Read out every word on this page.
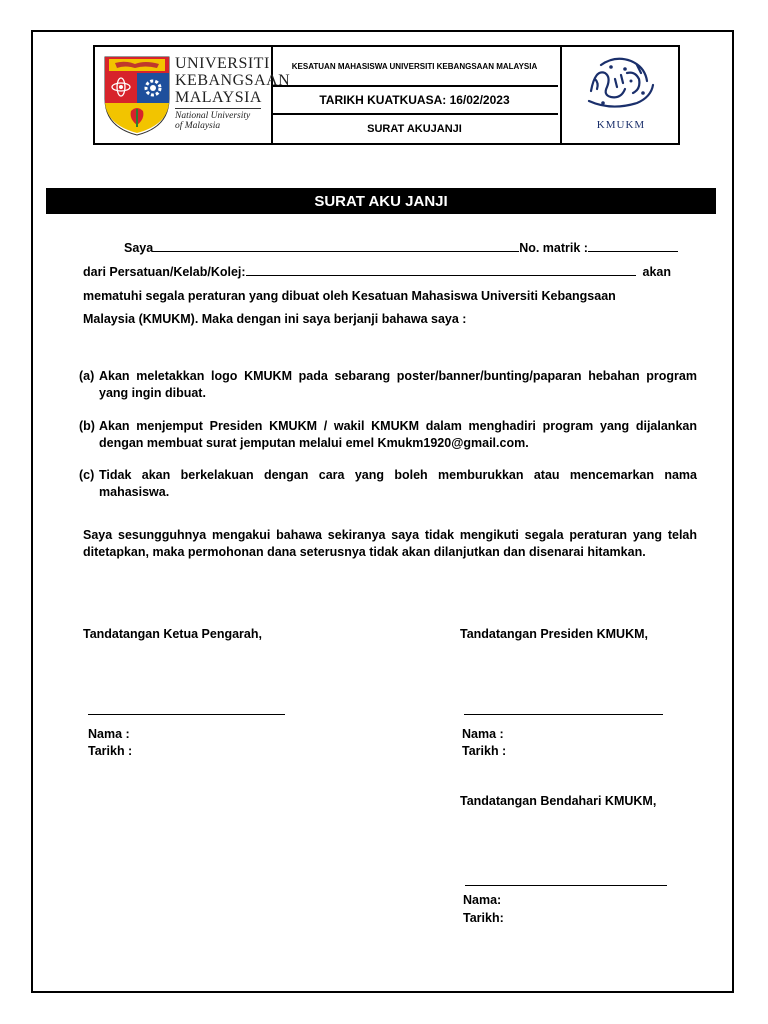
UNIVERSITI
KEBANGSAAN
MALAYSIA
National University
of Malaysia
KESATUAN MAHASISWA UNIVERSITI KEBANGSAAN MALAYSIA
TARIKH KUATKUASA: 16/02/2023
SURAT AKUJANJI	KMUKM
SURAT AKU JANJI
Saya	No. matrik :
dari Persatuan/Kelab/Kolej:	akan
mematuhi segala peraturan yang dibuat oleh Kesatuan Mahasiswa Universiti Kebangsaan
Malaysia (KMUKM). Maka dengan ini saya berjanji bahawa saya :
(a) Akan meletakkan logo KMUKM pada sebarang poster/banner/bunting/paparan hebahan program yang ingin dibuat.
(b) Akan menjemput Presiden KMUKM / wakil KMUKM dalam menghadiri program yang dijalankan dengan membuat surat jemputan melalui emel Kmukm1920@gmail.com.
(c) Tidak akan berkelakuan dengan cara yang boleh memburukkan atau mencemarkan nama mahasiswa.
Saya sesungguhnya mengakui bahawa sekiranya saya tidak mengikuti segala peraturan yang telah ditetapkan, maka permohonan dana seterusnya tidak akan dilanjutkan dan disenarai hitamkan.
Tandatangan Ketua Pengarah,
Nama :
Tarikh :
Tandatangan Presiden KMUKM,
Nama :
Tarikh :
Tandatangan Bendahari KMUKM,
Nama:
Tarikh:
